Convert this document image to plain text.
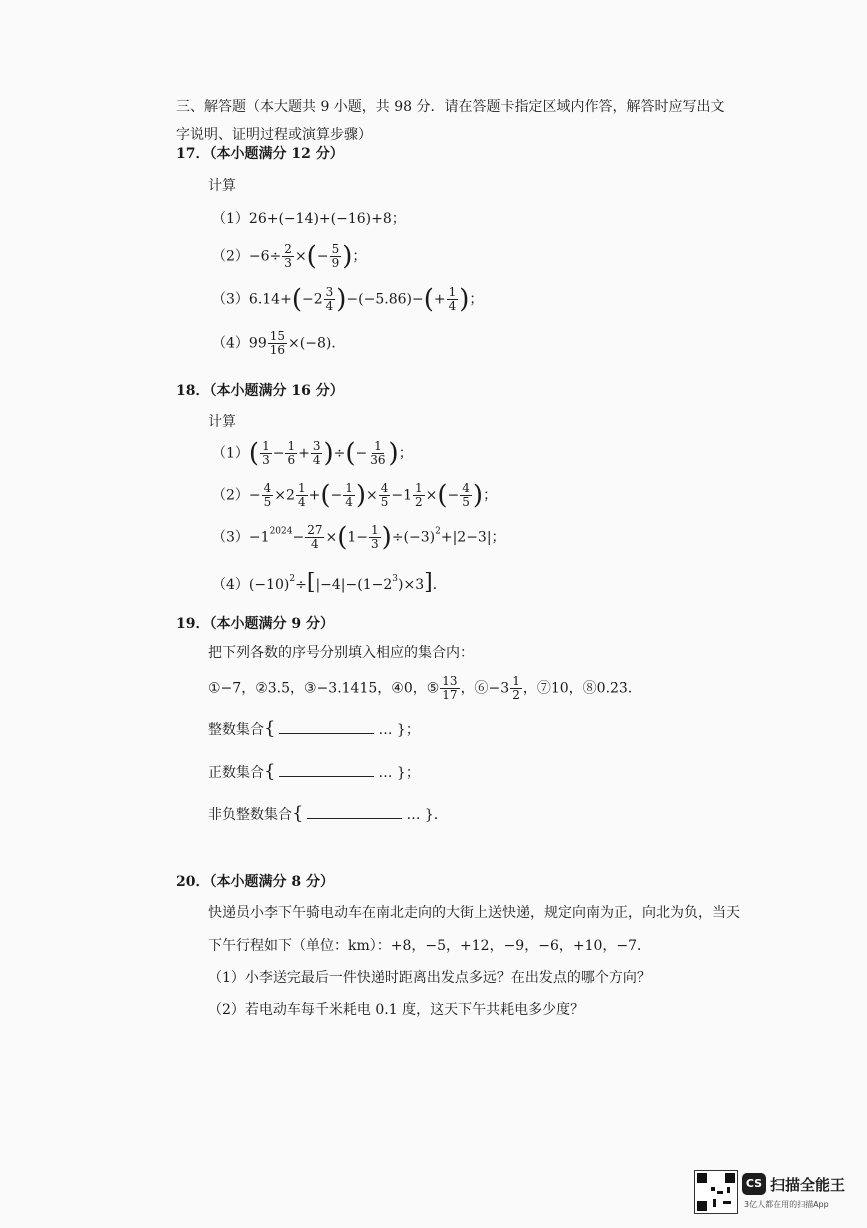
三、解答题（本大题共 9 小题，共 98 分．请在答题卡指定区域内作答，解答时应写出文字说明、证明过程或演算步骤）
17．（本小题满分 12 分）
计算
（1）26+(−14)+(−16)+8；
$(2)-6\div \frac{2}{3}$ ×(− $\frac{5}{9}$ )；
$(3)6.14+(-2 \frac{3}{4} )-(-5.86)-(+ \frac{1}{4}$ )；
$(4)99 \frac{15}{16} \times(-8)$．
18．（本小题满分 16 分）
计算
$(1)( \frac{1}{3} - \frac{1}{6} + \frac{3}{4}$ )÷(− $\frac{1}{36}$ )；
$(2)- \frac{4}{5} \times 2 \frac{1}{4}$ +(− $\frac{1}{4}$ )× $\frac{4}{5} -1 \frac{1}{2}$ ×(− $\frac{4}{5}$ )；
$(3)-1^{2024}- \frac{27}{4} \times(1- \frac{1}{3} )\div(-3)^2+|2-3|$；
$(4)(-10)^2\div[|-4|-(1-2^3)\times 3]$．
19．（本小题满分 9 分）
把下列各数的序号分别填入相应的集合内：
①−7，②3.5，③−3.1415，④0，⑤ $\frac{13}{17}$ ，⑥−3 $\frac{1}{2}$ ，⑦10，⑧0.2̇3̇．
整数集合{	… }；
正数集合{	… }；
非负整数集合{	… }．
20．（本小题满分 8 分）
快递员小李下午骑电动车在南北走向的大街上送快递，规定向南为正，向北为负，当天
下午行程如下（单位：km）：+8，−5，+12，−9，−6，+10，−7．
（1）小李送完最后一件快递时距离出发点多远？在出发点的哪个方向？
（2）若电动车每千米耗电 0.1 度，这天下午共耗电多少度？
CS 扫描全能王
3亿人都在用的扫描App
